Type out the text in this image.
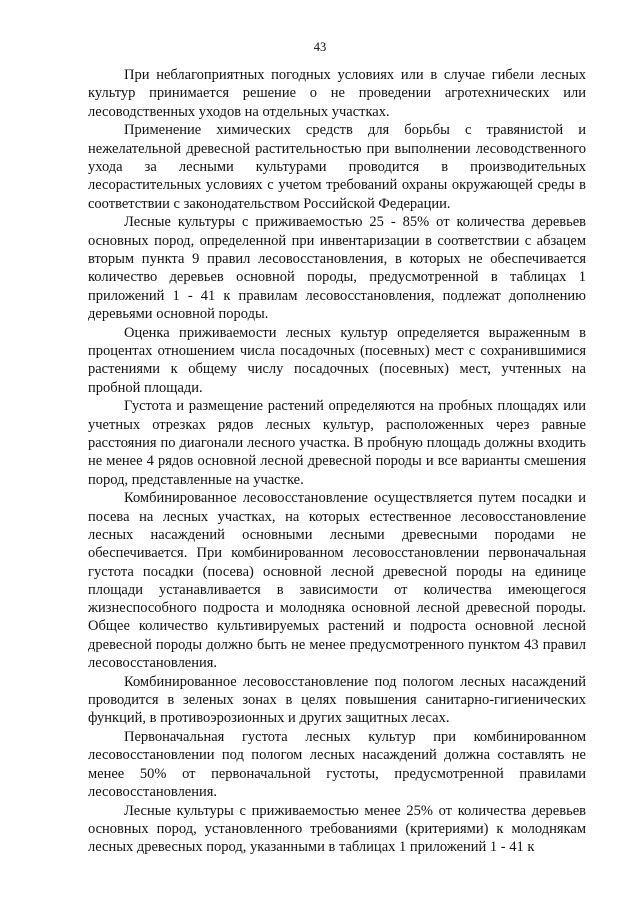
43

При неблагоприятных погодных условиях или в случае гибели лесных культур принимается решение о не проведении агротехнических или лесоводственных уходов на отдельных участках.

Применение химических средств для борьбы с травянистой и нежелательной древесной растительностью при выполнении лесоводственного ухода за лесными культурами проводится в производительных лесорастительных условиях с учетом требований охраны окружающей среды в соответствии с законодательством Российской Федерации.

Лесные культуры с приживаемостью 25 - 85% от количества деревьев основных пород, определенной при инвентаризации в соответствии с абзацем вторым пункта 9 правил лесовосстановления, в которых не обеспечивается количество деревьев основной породы, предусмотренной в таблицах 1 приложений 1 - 41 к правилам лесовосстановления, подлежат дополнению деревьями основной породы.

Оценка приживаемости лесных культур определяется выраженным в процентах отношением числа посадочных (посевных) мест с сохранившимися растениями к общему числу посадочных (посевных) мест, учтенных на пробной площади.

Густота и размещение растений определяются на пробных площадях или учетных отрезках рядов лесных культур, расположенных через равные расстояния по диагонали лесного участка. В пробную площадь должны входить не менее 4 рядов основной лесной древесной породы и все варианты смешения пород, представленные на участке.

Комбинированное лесовосстановление осуществляется путем посадки и посева на лесных участках, на которых естественное лесовосстановление лесных насаждений основными лесными древесными породами не обеспечивается. При комбинированном лесовосстановлении первоначальная густота посадки (посева) основной лесной древесной породы на единице площади устанавливается в зависимости от количества имеющегося жизнеспособного подроста и молодняка основной лесной древесной породы. Общее количество культивируемых растений и подроста основной лесной древесной породы должно быть не менее предусмотренного пунктом 43 правил лесовосстановления.

Комбинированное лесовосстановление под пологом лесных насаждений проводится в зеленых зонах в целях повышения санитарно-гигиенических функций, в противоэрозионных и других защитных лесах.

Первоначальная густота лесных культур при комбинированном лесовосстановлении под пологом лесных насаждений должна составлять не менее 50% от первоначальной густоты, предусмотренной правилами лесовосстановления.

Лесные культуры с приживаемостью менее 25% от количества деревьев основных пород, установленного требованиями (критериями) к молоднякам лесных древесных пород, указанными в таблицах 1 приложений 1 - 41 к
